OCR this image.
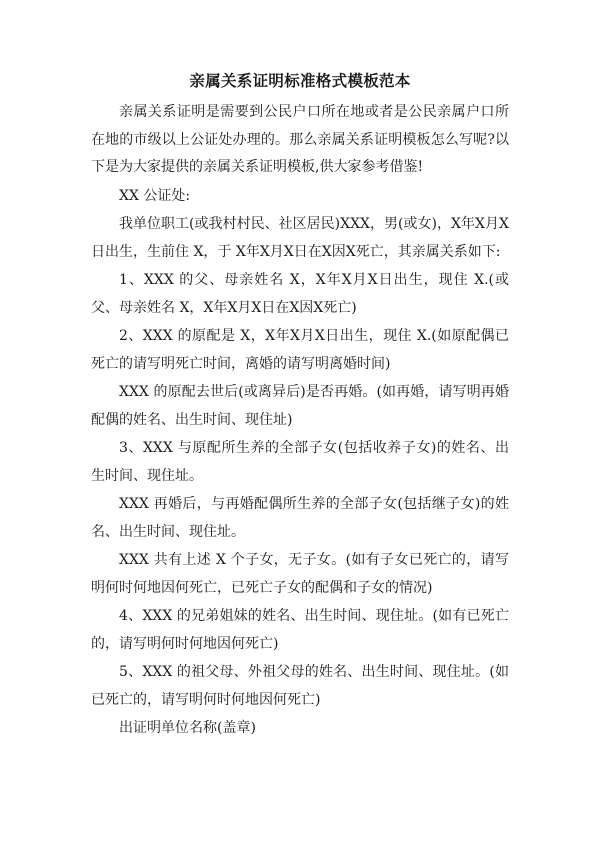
亲属关系证明标准格式模板范本

亲属关系证明是需要到公民户口所在地或者是公民亲属户口所在地的市级以上公证处办理的。那么亲属关系证明模板怎么写呢?以下是为大家提供的亲属关系证明模板,供大家参考借鉴!

XX 公证处:

我单位职工(或我村村民、社区居民)XXX，男(或女)，X年X月X日出生，生前住 X，于 X年X月X日在X因X死亡，其亲属关系如下:

1、XXX 的父、母亲姓名 X，X年X月X日出生，现住 X.(或父、母亲姓名 X，X年X月X日在X因X死亡)

2、XXX 的原配是 X，X年X月X日出生，现住 X.(如原配偶已死亡的请写明死亡时间，离婚的请写明离婚时间)

XXX 的原配去世后(或离异后)是否再婚。(如再婚，请写明再婚配偶的姓名、出生时间、现住址)

3、XXX 与原配所生养的全部子女(包括收养子女)的姓名、出生时间、现住址。

XXX 再婚后，与再婚配偶所生养的全部子女(包括继子女)的姓名、出生时间、现住址。

XXX 共有上述 X 个子女，无子女。(如有子女已死亡的，请写明何时何地因何死亡，已死亡子女的配偶和子女的情况)

4、XXX 的兄弟姐妹的姓名、出生时间、现住址。(如有已死亡的，请写明何时何地因何死亡)

5、XXX 的祖父母、外祖父母的姓名、出生时间、现住址。(如已死亡的，请写明何时何地因何死亡)

出证明单位名称(盖章)
